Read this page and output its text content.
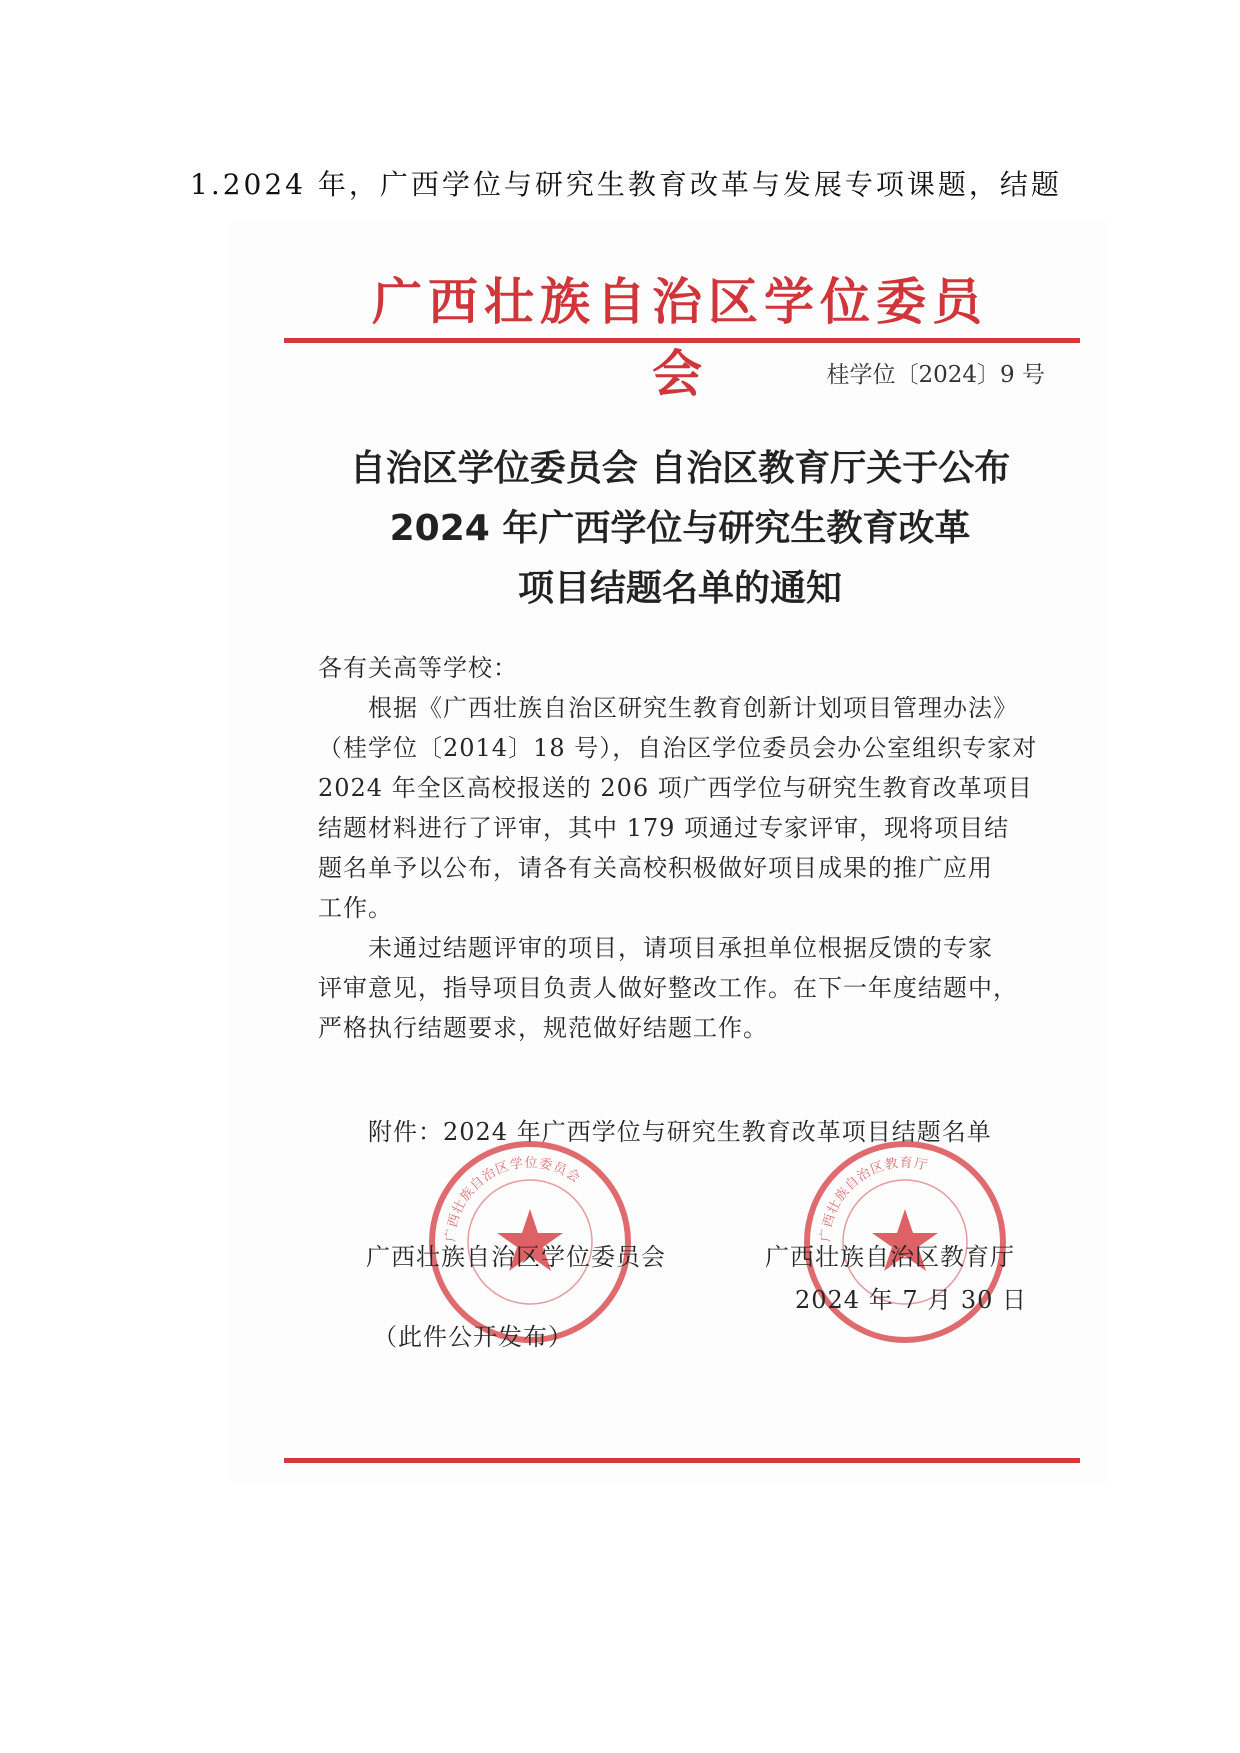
1.2024 年，广西学位与研究生教育改革与发展专项课题，结题
广西壮族自治区学位委员会	桂学位〔2024〕9 号
自治区学位委员会 自治区教育厅关于公布
2024 年广西学位与研究生教育改革
项目结题名单的通知
各有关高等学校：
根据《广西壮族自治区研究生教育创新计划项目管理办法》
（桂学位〔2014〕18 号），自治区学位委员会办公室组织专家对
2024 年全区高校报送的 206 项广西学位与研究生教育改革项目
结题材料进行了评审，其中 179 项通过专家评审，现将项目结
题名单予以公布，请各有关高校积极做好项目成果的推广应用
工作。
未通过结题评审的项目，请项目承担单位根据反馈的专家
评审意见，指导项目负责人做好整改工作。在下一年度结题中，
严格执行结题要求，规范做好结题工作。
附件：2024 年广西学位与研究生教育改革项目结题名单
广西壮族自治区学位委员会
广西壮族自治区教育厅
广西壮族自治区学位委员会	广西壮族自治区教育厅
2024 年 7 月 30 日
（此件公开发布）
